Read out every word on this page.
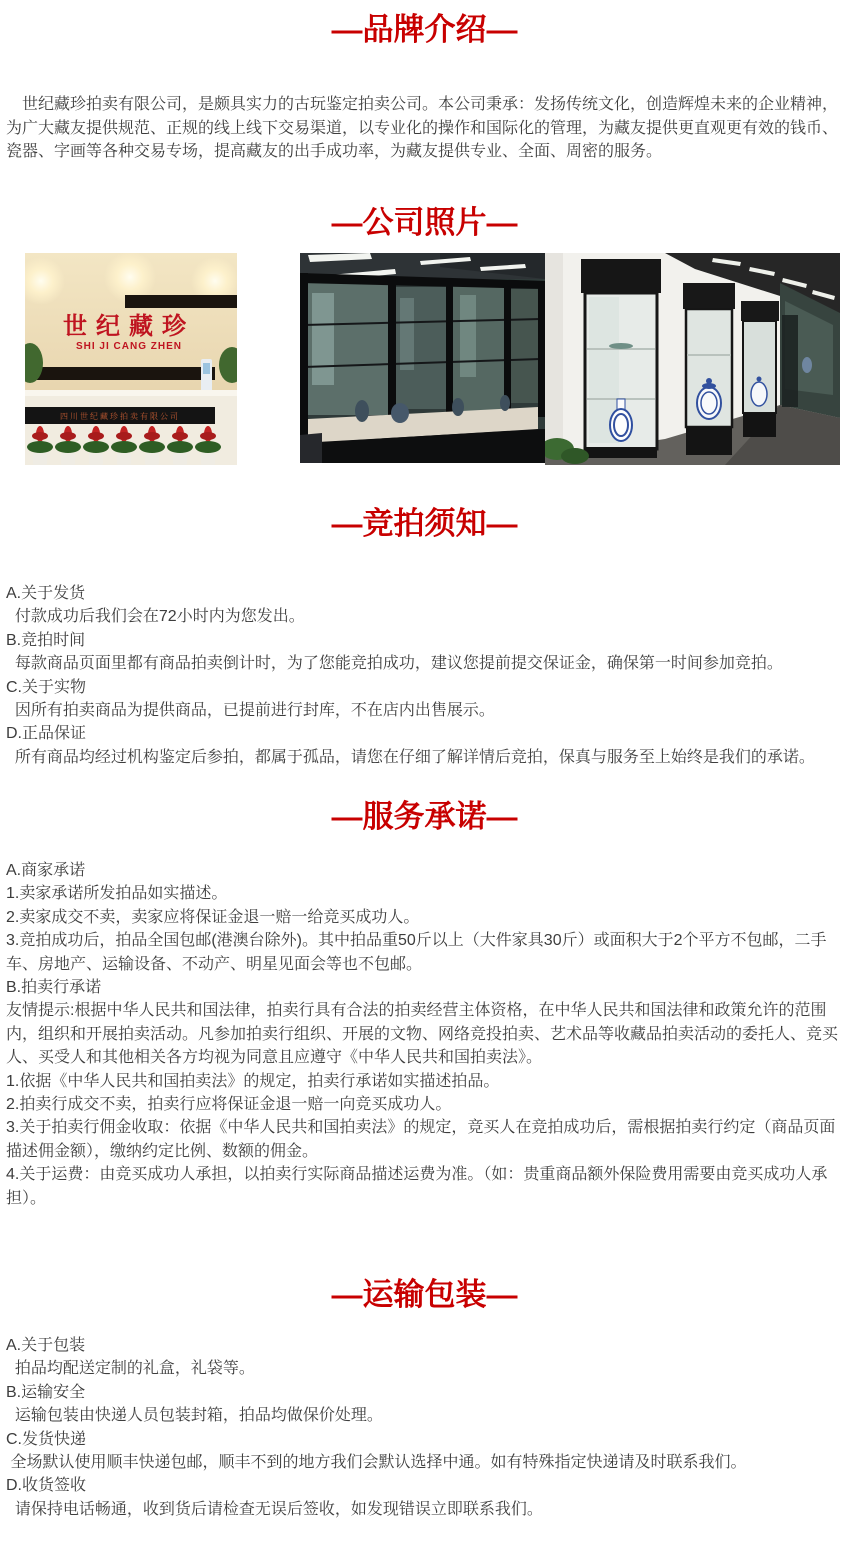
—品牌介绍—
　世纪藏珍拍卖有限公司，是颇具实力的古玩鉴定拍卖公司。本公司秉承：发扬传统文化，创造辉煌未来的企业精神，为广大藏友提供规范、正规的线上线下交易渠道，以专业化的操作和国际化的管理，为藏友提供更直观更有效的钱币、瓷器、字画等各种交易专场，提高藏友的出手成功率，为藏友提供专业、全面、周密的服务。
—公司照片—
世纪藏珍
SHI JI CANG ZHEN
四川世纪藏珍拍卖有限公司
—竞拍须知—
A.关于发货
付款成功后我们会在72小时内为您发出。
B.竞拍时间
每款商品页面里都有商品拍卖倒计时，为了您能竞拍成功，建议您提前提交保证金，确保第一时间参加竞拍。
C.关于实物
因所有拍卖商品为提供商品，已提前进行封库，不在店内出售展示。
D.正品保证
所有商品均经过机构鉴定后参拍，都属于孤品，请您在仔细了解详情后竞拍，保真与服务至上始终是我们的承诺。
—服务承诺—
A.商家承诺
1.卖家承诺所发拍品如实描述。
2.卖家成交不卖，卖家应将保证金退一赔一给竞买成功人。
3.竞拍成功后，拍品全国包邮(港澳台除外)。其中拍品重50斤以上（大件家具30斤）或面积大于2个平方不包邮，二手车、房地产、运输设备、不动产、明星见面会等也不包邮。
B.拍卖行承诺
友情提示:根据中华人民共和国法律，拍卖行具有合法的拍卖经营主体资格，在中华人民共和国法律和政策允许的范围内，组织和开展拍卖活动。凡参加拍卖行组织、开展的文物、网络竞投拍卖、艺术品等收藏品拍卖活动的委托人、竞买人、买受人和其他相关各方均视为同意且应遵守《中华人民共和国拍卖法》。
1.依据《中华人民共和国拍卖法》的规定，拍卖行承诺如实描述拍品。
2.拍卖行成交不卖，拍卖行应将保证金退一赔一向竞买成功人。
3.关于拍卖行佣金收取：依据《中华人民共和国拍卖法》的规定，竞买人在竞拍成功后，需根据拍卖行约定（商品页面描述佣金额），缴纳约定比例、数额的佣金。
4.关于运费：由竞买成功人承担，以拍卖行实际商品描述运费为准。（如：贵重商品额外保险费用需要由竞买成功人承担）。
—运输包装—
A.关于包装
拍品均配送定制的礼盒，礼袋等。
B.运输安全
运输包装由快递人员包装封箱，拍品均做保价处理。
C.发货快递
全场默认使用顺丰快递包邮，顺丰不到的地方我们会默认选择中通。如有特殊指定快递请及时联系我们。
D.收货签收
请保持电话畅通，收到货后请检查无误后签收，如发现错误立即联系我们。
